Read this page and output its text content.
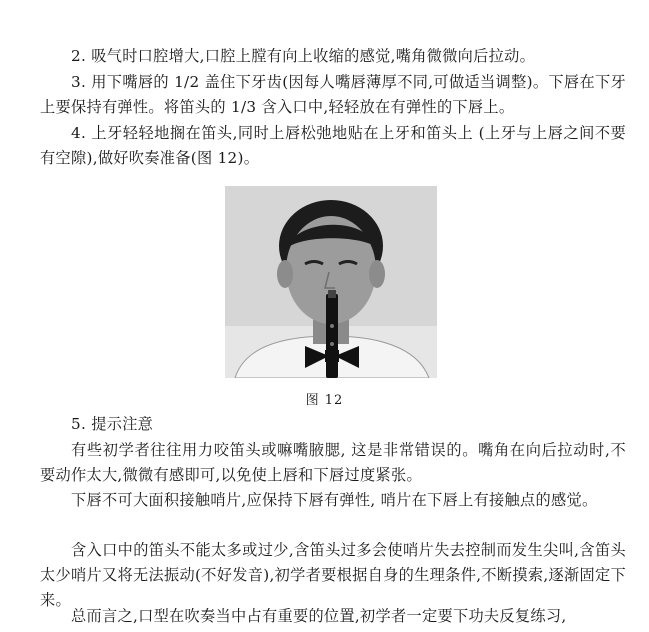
2. 吸气时口腔增大,口腔上膛有向上收缩的感觉,嘴角微微向后拉动。

3. 用下嘴唇的 1/2 盖住下牙齿(因每人嘴唇薄厚不同,可做适当调整)。下唇在下牙上要保持有弹性。将笛头的 1/3 含入口中,轻轻放在有弹性的下唇上。

4. 上牙轻轻地搁在笛头,同时上唇松弛地贴在上牙和笛头上 (上牙与上唇之间不要有空隙),做好吹奏准备(图 12)。

图 12

5. 提示注意

有些初学者往往用力咬笛头或嘛嘴腋腮, 这是非常错误的。嘴角在向后拉动时,不要动作太大,微微有感即可,以免使上唇和下唇过度紧张。

下唇不可大面积接触哨片,应保持下唇有弹性, 哨片在下唇上有接触点的感觉。

含入口中的笛头不能太多或过少,含笛头过多会使哨片失去控制而发生尖叫,含笛头太少哨片又将无法振动(不好发音),初学者要根据自身的生理条件,不断摸索,逐渐固定下来。

总而言之,口型在吹奏当中占有重要的位置,初学者一定要下功夫反复练习,
